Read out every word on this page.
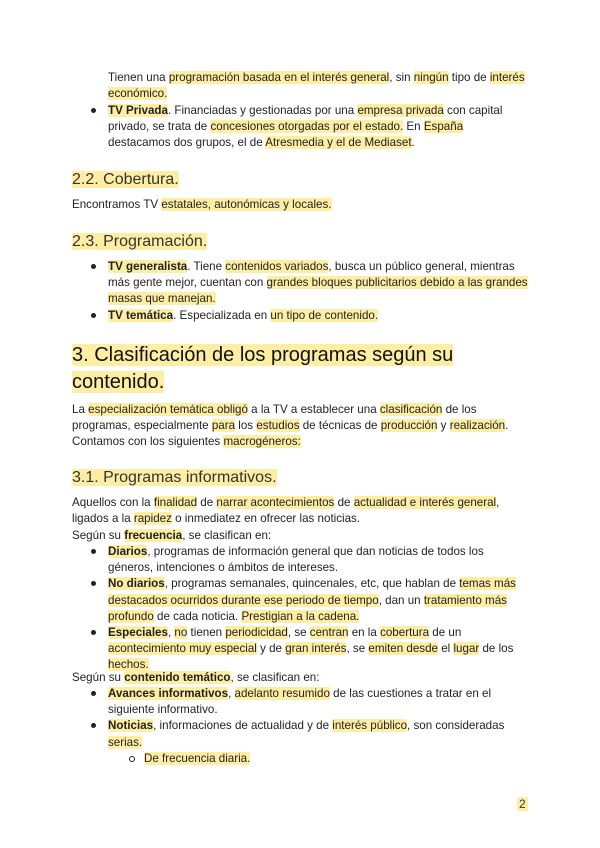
Tienen una programación basada en el interés general, sin ningún tipo de interés económico.
TV Privada. Financiadas y gestionadas por una empresa privada con capital privado, se trata de concesiones otorgadas por el estado. En España destacamos dos grupos, el de Atresmedia y el de Mediaset.
2.2. Cobertura.
Encontramos TV estatales, autonómicas y locales.
2.3. Programación.
TV generalista. Tiene contenidos variados, busca un público general, mientras más gente mejor, cuentan con grandes bloques publicitarios debido a las grandes masas que manejan.
TV temática. Especializada en un tipo de contenido.
3. Clasificación de los programas según su contenido.
La especialización temática obligó a la TV a establecer una clasificación de los programas, especialmente para los estudios de técnicas de producción y realización. Contamos con los siguientes macrogéneros:
3.1. Programas informativos.
Aquellos con la finalidad de narrar acontecimientos de actualidad e interés general, ligados a la rapidez o inmediatez en ofrecer las noticias.
Según su frecuencia, se clasifican en:
Diarios, programas de información general que dan noticias de todos los géneros, intenciones o ámbitos de intereses.
No diarios, programas semanales, quincenales, etc, que hablan de temas más destacados ocurridos durante ese periodo de tiempo, dan un tratamiento más profundo de cada noticia. Prestigian a la cadena.
Especiales, no tienen periodicidad, se centran en la cobertura de un acontecimiento muy especial y de gran interés, se emiten desde el lugar de los hechos.
Según su contenido temático, se clasifican en:
Avances informativos, adelanto resumido de las cuestiones a tratar en el siguiente informativo.
Noticias, informaciones de actualidad y de interés público, son consideradas serias.
De frecuencia diaria.
2
